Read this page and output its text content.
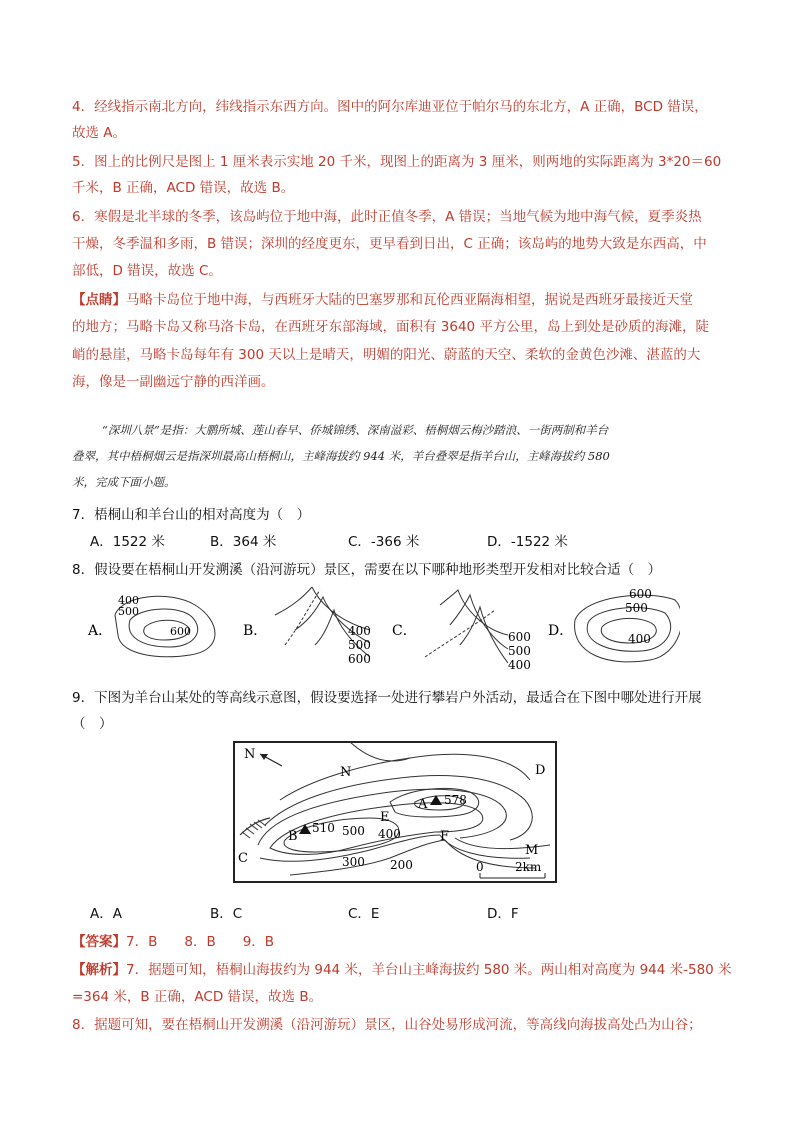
4．经线指示南北方向，纬线指示东西方向。图中的阿尔库迪亚位于帕尔马的东北方，A 正确，BCD 错误，
故选 A。
5．图上的比例尺是图上 1 厘米表示实地 20 千米，现图上的距离为 3 厘米，则两地的实际距离为 3*20＝60
千米，B 正确，ACD 错误，故选 B。
6．寒假是北半球的冬季，该岛屿位于地中海，此时正值冬季，A 错误；当地气候为地中海气候，夏季炎热
干燥，冬季温和多雨，B 错误；深圳的经度更东，更早看到日出，C 正确；该岛屿的地势大致是东西高，中
部低，D 错误，故选 C。
【点睛】马略卡岛位于地中海，与西班牙大陆的巴塞罗那和瓦伦西亚隔海相望，据说是西班牙最接近天堂
的地方；马略卡岛又称马洛卡岛，在西班牙东部海域，面积有 3640 平方公里，岛上到处是砂质的海滩，陡
峭的悬崖，马略卡岛每年有 300 天以上是晴天，明媚的阳光、蔚蓝的天空、柔软的金黄色沙滩、湛蓝的大
海，像是一副幽远宁静的西洋画。
“深圳八景”是指：大鹏所城、莲山春早、侨城锦绣、深南溢彩、梧桐烟云梅沙踏浪、一街两制和羊台
叠翠，其中梧桐烟云是指深圳最高山梧桐山，主峰海拔约 944 米，羊台叠翠是指羊台山，主峰海拔约 580
米，完成下面小题。
7．梧桐山和羊台山的相对高度为（　）
A．1522 米	B．364 米	C．-366 米	D．-1522 米
8．假设要在梧桐山开发溯溪（沿河游玩）景区，需要在以下哪种地形类型开发相对比较合适（　）
A．
400
500
600	B．	400
500
600
C．	600
500
400
D．
600
500
400
9．下图为羊台山某处的等高线示意图，假设要选择一处进行攀岩户外活动，最适合在下图中哪处进行开展
（　）
N
N	D
A 578
B
510
E
F
C
M
500 400
300 200	0	2km
A．A	B．C	C．E	D．F
【答案】7．B　　8．B　　9．B
【解析】7．据题可知，梧桐山海拔约为 944 米，羊台山主峰海拔约 580 米。两山相对高度为 944 米-580 米
=364 米，B 正确，ACD 错误，故选 B。
8．据题可知，要在梧桐山开发溯溪（沿河游玩）景区，山谷处易形成河流，等高线向海拔高处凸为山谷；
